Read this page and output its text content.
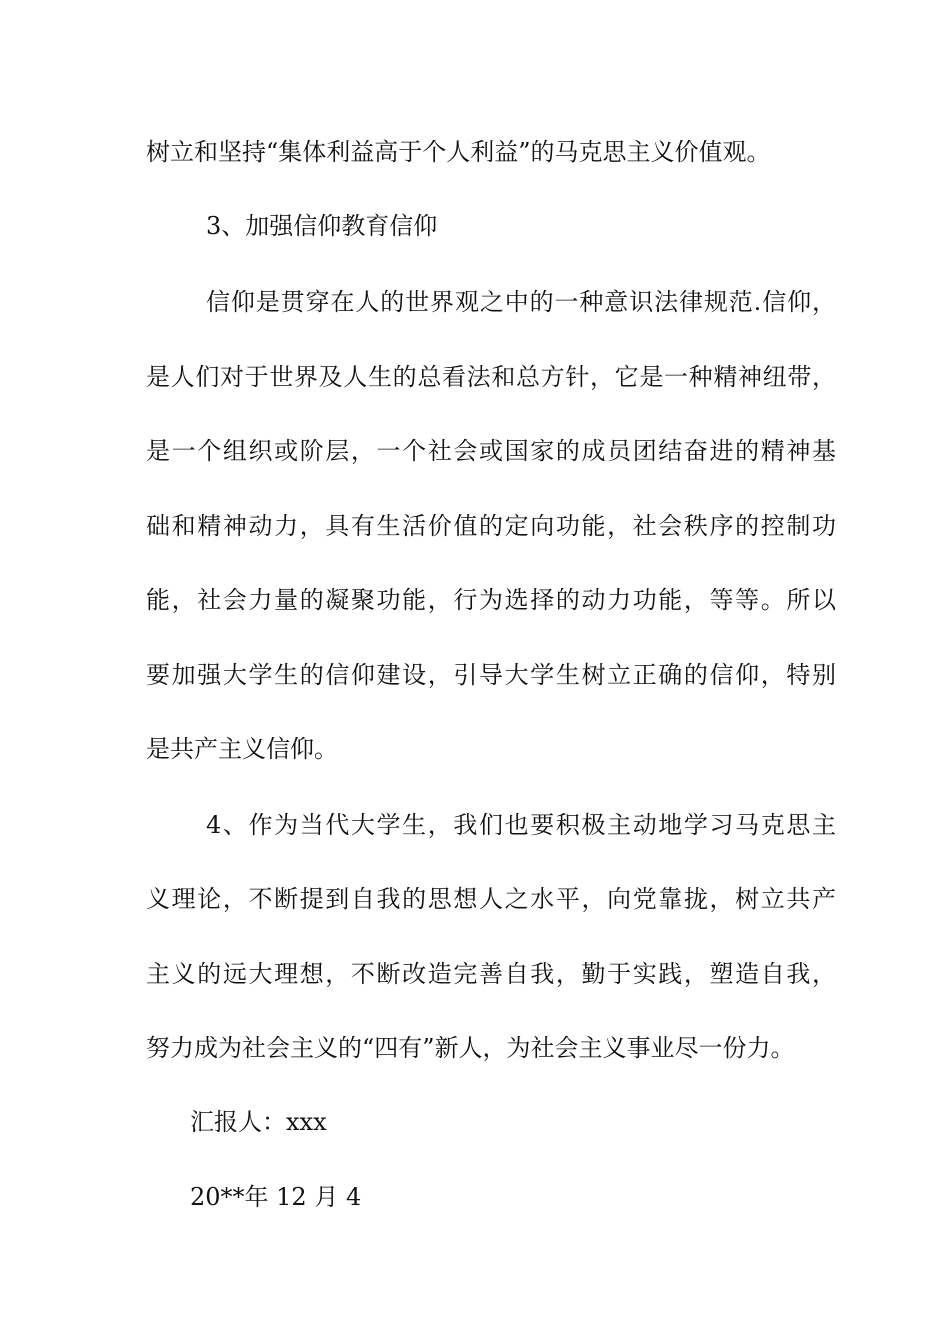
树立和坚持“集体利益高于个人利益”的马克思主义价值观。
3、加强信仰教育信仰
信仰是贯穿在人的世界观之中的一种意识法律规范.信仰，
是人们对于世界及人生的总看法和总方针，它是一种精神纽带，
是一个组织或阶层，一个社会或国家的成员团结奋进的精神基
础和精神动力，具有生活价值的定向功能，社会秩序的控制功
能，社会力量的凝聚功能，行为选择的动力功能，等等。所以
要加强大学生的信仰建设，引导大学生树立正确的信仰，特别
是共产主义信仰。
4、作为当代大学生，我们也要积极主动地学习马克思主
义理论，不断提到自我的思想人之水平，向党靠拢，树立共产
主义的远大理想，不断改造完善自我，勤于实践，塑造自我，
努力成为社会主义的“四有”新人，为社会主义事业尽一份力。
汇报人：xxx
20**年 12 月 4
